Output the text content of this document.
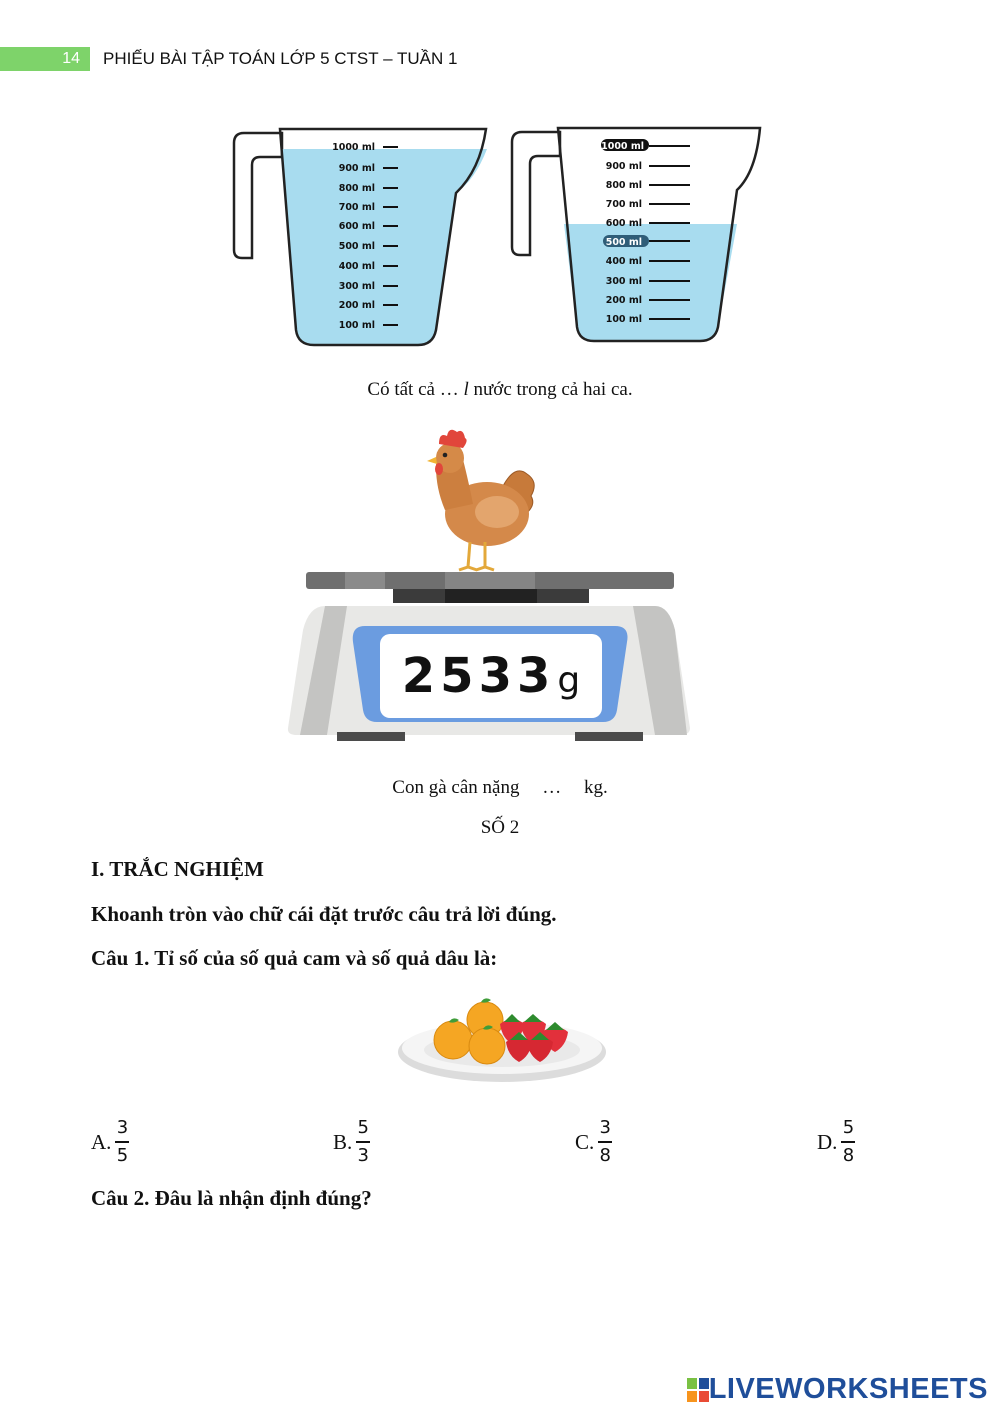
14	PHIẾU BÀI TẬP TOÁN LỚP 5 CTST – TUẦN 1
1000 ml
900 ml
800 ml
700 ml
600 ml
500 ml
400 ml
300 ml
200 ml
100 ml
1000 ml
900 ml
800 ml
700 ml
600 ml
500 ml
400 ml
300 ml
200 ml
100 ml
Có tất cả … l nước trong cả hai ca.
2533 g
Con gà cân nặng … kg.
SỐ 2
I. TRẮC NGHIỆM
Khoanh tròn vào chữ cái đặt trước câu trả lời đúng.
Câu 1. Tỉ số của số quả cam và số quả dâu là:
A. $\frac{3}{5}$	B. $\frac{5}{3}$	C. $\frac{3}{8}$	D. $\frac{5}{8}$
Câu 2. Đâu là nhận định đúng?
LIVEWORKSHEETS
